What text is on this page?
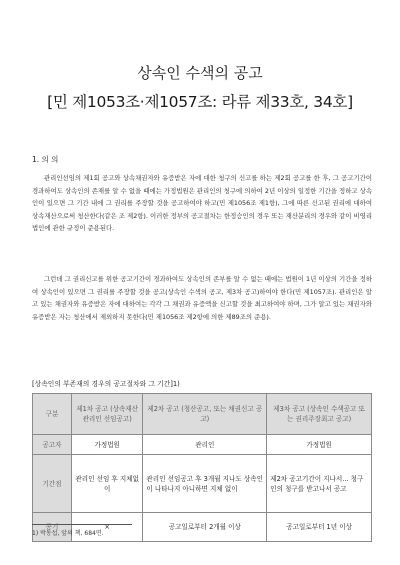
상속인 수색의 공고
[민 제1053조·제1057조: 라류 제33호, 34호]
1. 의 의
관리인선임의 제1회 공고와 상속채권자와 유증받은 자에 대한 청구의 신고를 하는 제2회 공고를 한 후, 그 공고기간이 경과하여도 상속인의 존재를 알 수 없을 때에는 가정법원은 관리인의 청구에 의하여 2년 이상의 일정한 기간을 정하고 상속인이 있으면 그 기간 내에 그 권리를 주장할 것을 공고하여야 하고(민 제1056조 제1항), 그에 따른 신고된 권리에 대하여 상속재산으로써 청산한다(같은 조 제2항). 이러한 정부의 공고절차는 한정승인의 경우 또는 재산분리의 경우와 같이 비영리법인에 관한 규정이 준용된다.
그런데 그 권리신고를 위한 공고기간이 경과하여도 상속인의 존부를 알 수 없는 때에는 법원이 1년 이상의 기간을 정하여 상속인이 있으면 그 권리를 주장할 것을 공고(상속인 수색의 공고, 제3차 공고)하여야 한다(민 제1057조). 관리인은 알고 있는 채권자와 유증받은 자에 대하여는 각각 그 채권과 유증액을 신고할 것을 최고하여야 하며, 그가 알고 있는 채권자와 유증받은 자는 청산에서 제외하지 못한다(민 제1056조 제2항에 의한 제89조의 준용).
[상속인의 부존재의 경우의 공고절차와 그 기간]1)
구분	제1차 공고 (상속재산관리인 선임공고)	제2차 공고 (청산공고, 또는 채권신고 공고)	제3차 공고 (상속인 수색공고 또는 권리주장최고 공고)
공고자	가정법원	관리인	가정법원
기간점	관리인 선임 후 지체없이	관리인 선임공고 후 3개월 지나도 상속인이 나타나지 아니하면 지체 없이	제2차 공고기간이 지나서... 청구인의 청구를 받고나서 공고
종기	×	공고일로부터 2개월 이상	공고일로부터 1년 이상
1) 박동섭, 앞의 책, 684면.
